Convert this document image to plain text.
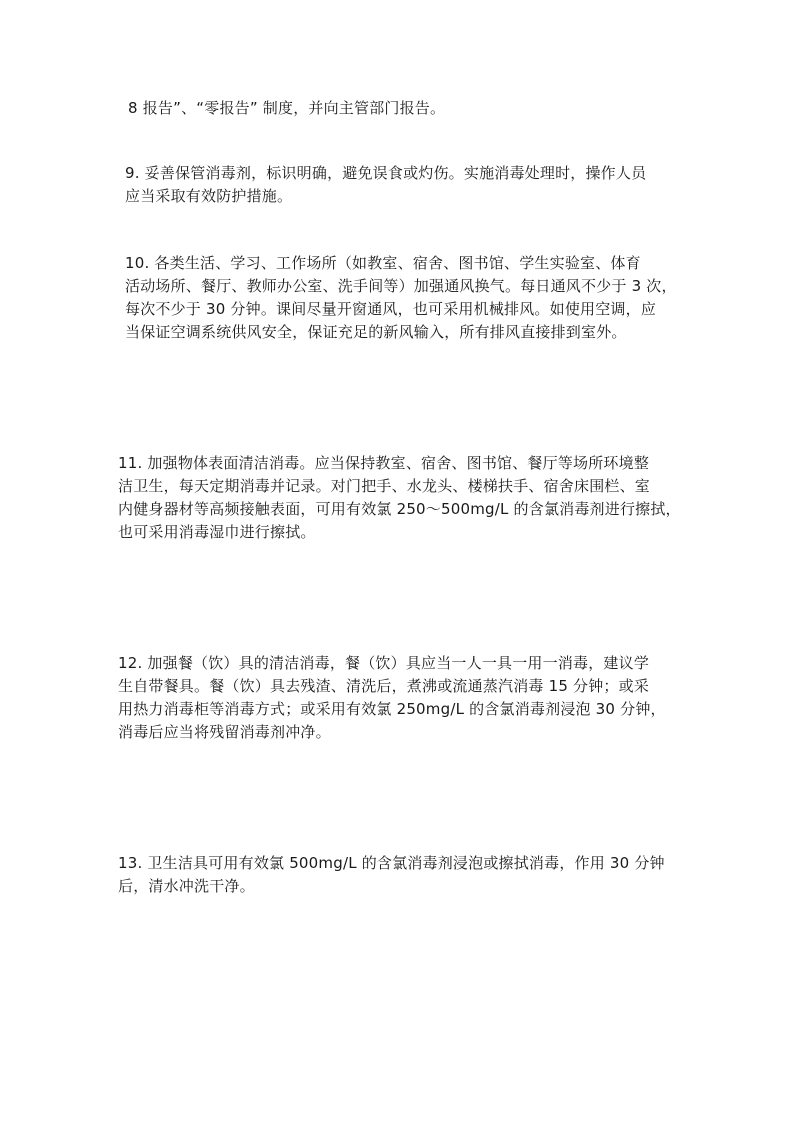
8 报告”、“零报告” 制度，并向主管部门报告。
9. 妥善保管消毒剂，标识明确，避免误食或灼伤。实施消毒处理时，操作人员
应当采取有效防护措施。
10. 各类生活、学习、工作场所（如教室、宿舍、图书馆、学生实验室、体育
活动场所、餐厅、教师办公室、洗手间等）加强通风换气。每日通风不少于 3 次，
每次不少于 30 分钟。课间尽量开窗通风，也可采用机械排风。如使用空调，应
当保证空调系统供风安全，保证充足的新风输入，所有排风直接排到室外。
11. 加强物体表面清洁消毒。应当保持教室、宿舍、图书馆、餐厅等场所环境整
洁卫生，每天定期消毒并记录。对门把手、水龙头、楼梯扶手、宿舍床围栏、室
内健身器材等高频接触表面，可用有效氯 250～500mg/L 的含氯消毒剂进行擦拭，
也可采用消毒湿巾进行擦拭。
12. 加强餐（饮）具的清洁消毒，餐（饮）具应当一人一具一用一消毒，建议学
生自带餐具。餐（饮）具去残渣、清洗后，煮沸或流通蒸汽消毒 15 分钟；或采
用热力消毒柜等消毒方式；或采用有效氯 250mg/L 的含氯消毒剂浸泡 30 分钟，
消毒后应当将残留消毒剂冲净。
13. 卫生洁具可用有效氯 500mg/L 的含氯消毒剂浸泡或擦拭消毒，作用 30 分钟
后，清水冲洗干净。
